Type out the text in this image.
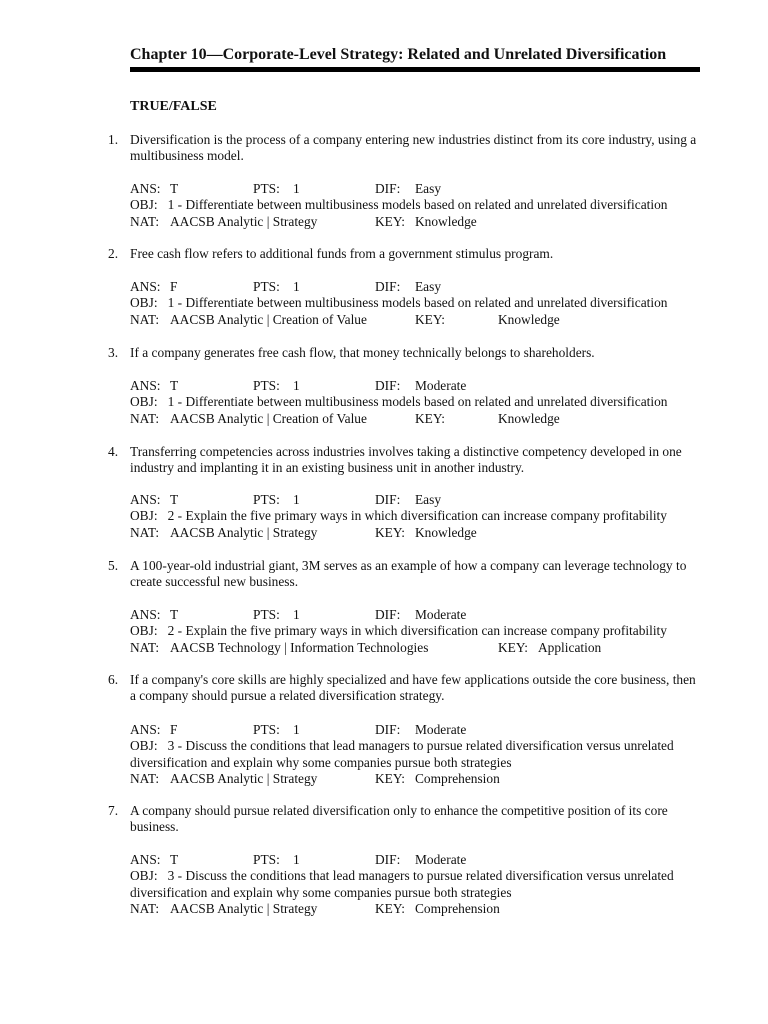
Chapter 10—Corporate-Level Strategy: Related and Unrelated Diversification
TRUE/FALSE
1. Diversification is the process of a company entering new industries distinct from its core industry, using a multibusiness model.
ANS: T	PTS: 1	DIF: Easy
OBJ: 1 - Differentiate between multibusiness models based on related and unrelated diversification
NAT: AACSB Analytic | Strategy	KEY: Knowledge
2. Free cash flow refers to additional funds from a government stimulus program.
ANS: F	PTS: 1	DIF: Easy
OBJ: 1 - Differentiate between multibusiness models based on related and unrelated diversification
NAT: AACSB Analytic | Creation of Value	KEY:	Knowledge
3. If a company generates free cash flow, that money technically belongs to shareholders.
ANS: T	PTS: 1	DIF: Moderate
OBJ: 1 - Differentiate between multibusiness models based on related and unrelated diversification
NAT: AACSB Analytic | Creation of Value	KEY:	Knowledge
4. Transferring competencies across industries involves taking a distinctive competency developed in one industry and implanting it in an existing business unit in another industry.
ANS: T	PTS: 1	DIF: Easy
OBJ: 2 - Explain the five primary ways in which diversification can increase company profitability
NAT: AACSB Analytic | Strategy	KEY: Knowledge
5. A 100-year-old industrial giant, 3M serves as an example of how a company can leverage technology to create successful new business.
ANS: T	PTS: 1	DIF: Moderate
OBJ: 2 - Explain the five primary ways in which diversification can increase company profitability
NAT: AACSB Technology | Information Technologies	KEY: Application
6. If a company's core skills are highly specialized and have few applications outside the core business, then a company should pursue a related diversification strategy.
ANS: F	PTS: 1	DIF: Moderate
OBJ: 3 - Discuss the conditions that lead managers to pursue related diversification versus unrelated diversification and explain why some companies pursue both strategies
NAT: AACSB Analytic | Strategy	KEY: Comprehension
7. A company should pursue related diversification only to enhance the competitive position of its core business.
ANS: T	PTS: 1	DIF: Moderate
OBJ: 3 - Discuss the conditions that lead managers to pursue related diversification versus unrelated diversification and explain why some companies pursue both strategies
NAT: AACSB Analytic | Strategy	KEY: Comprehension
